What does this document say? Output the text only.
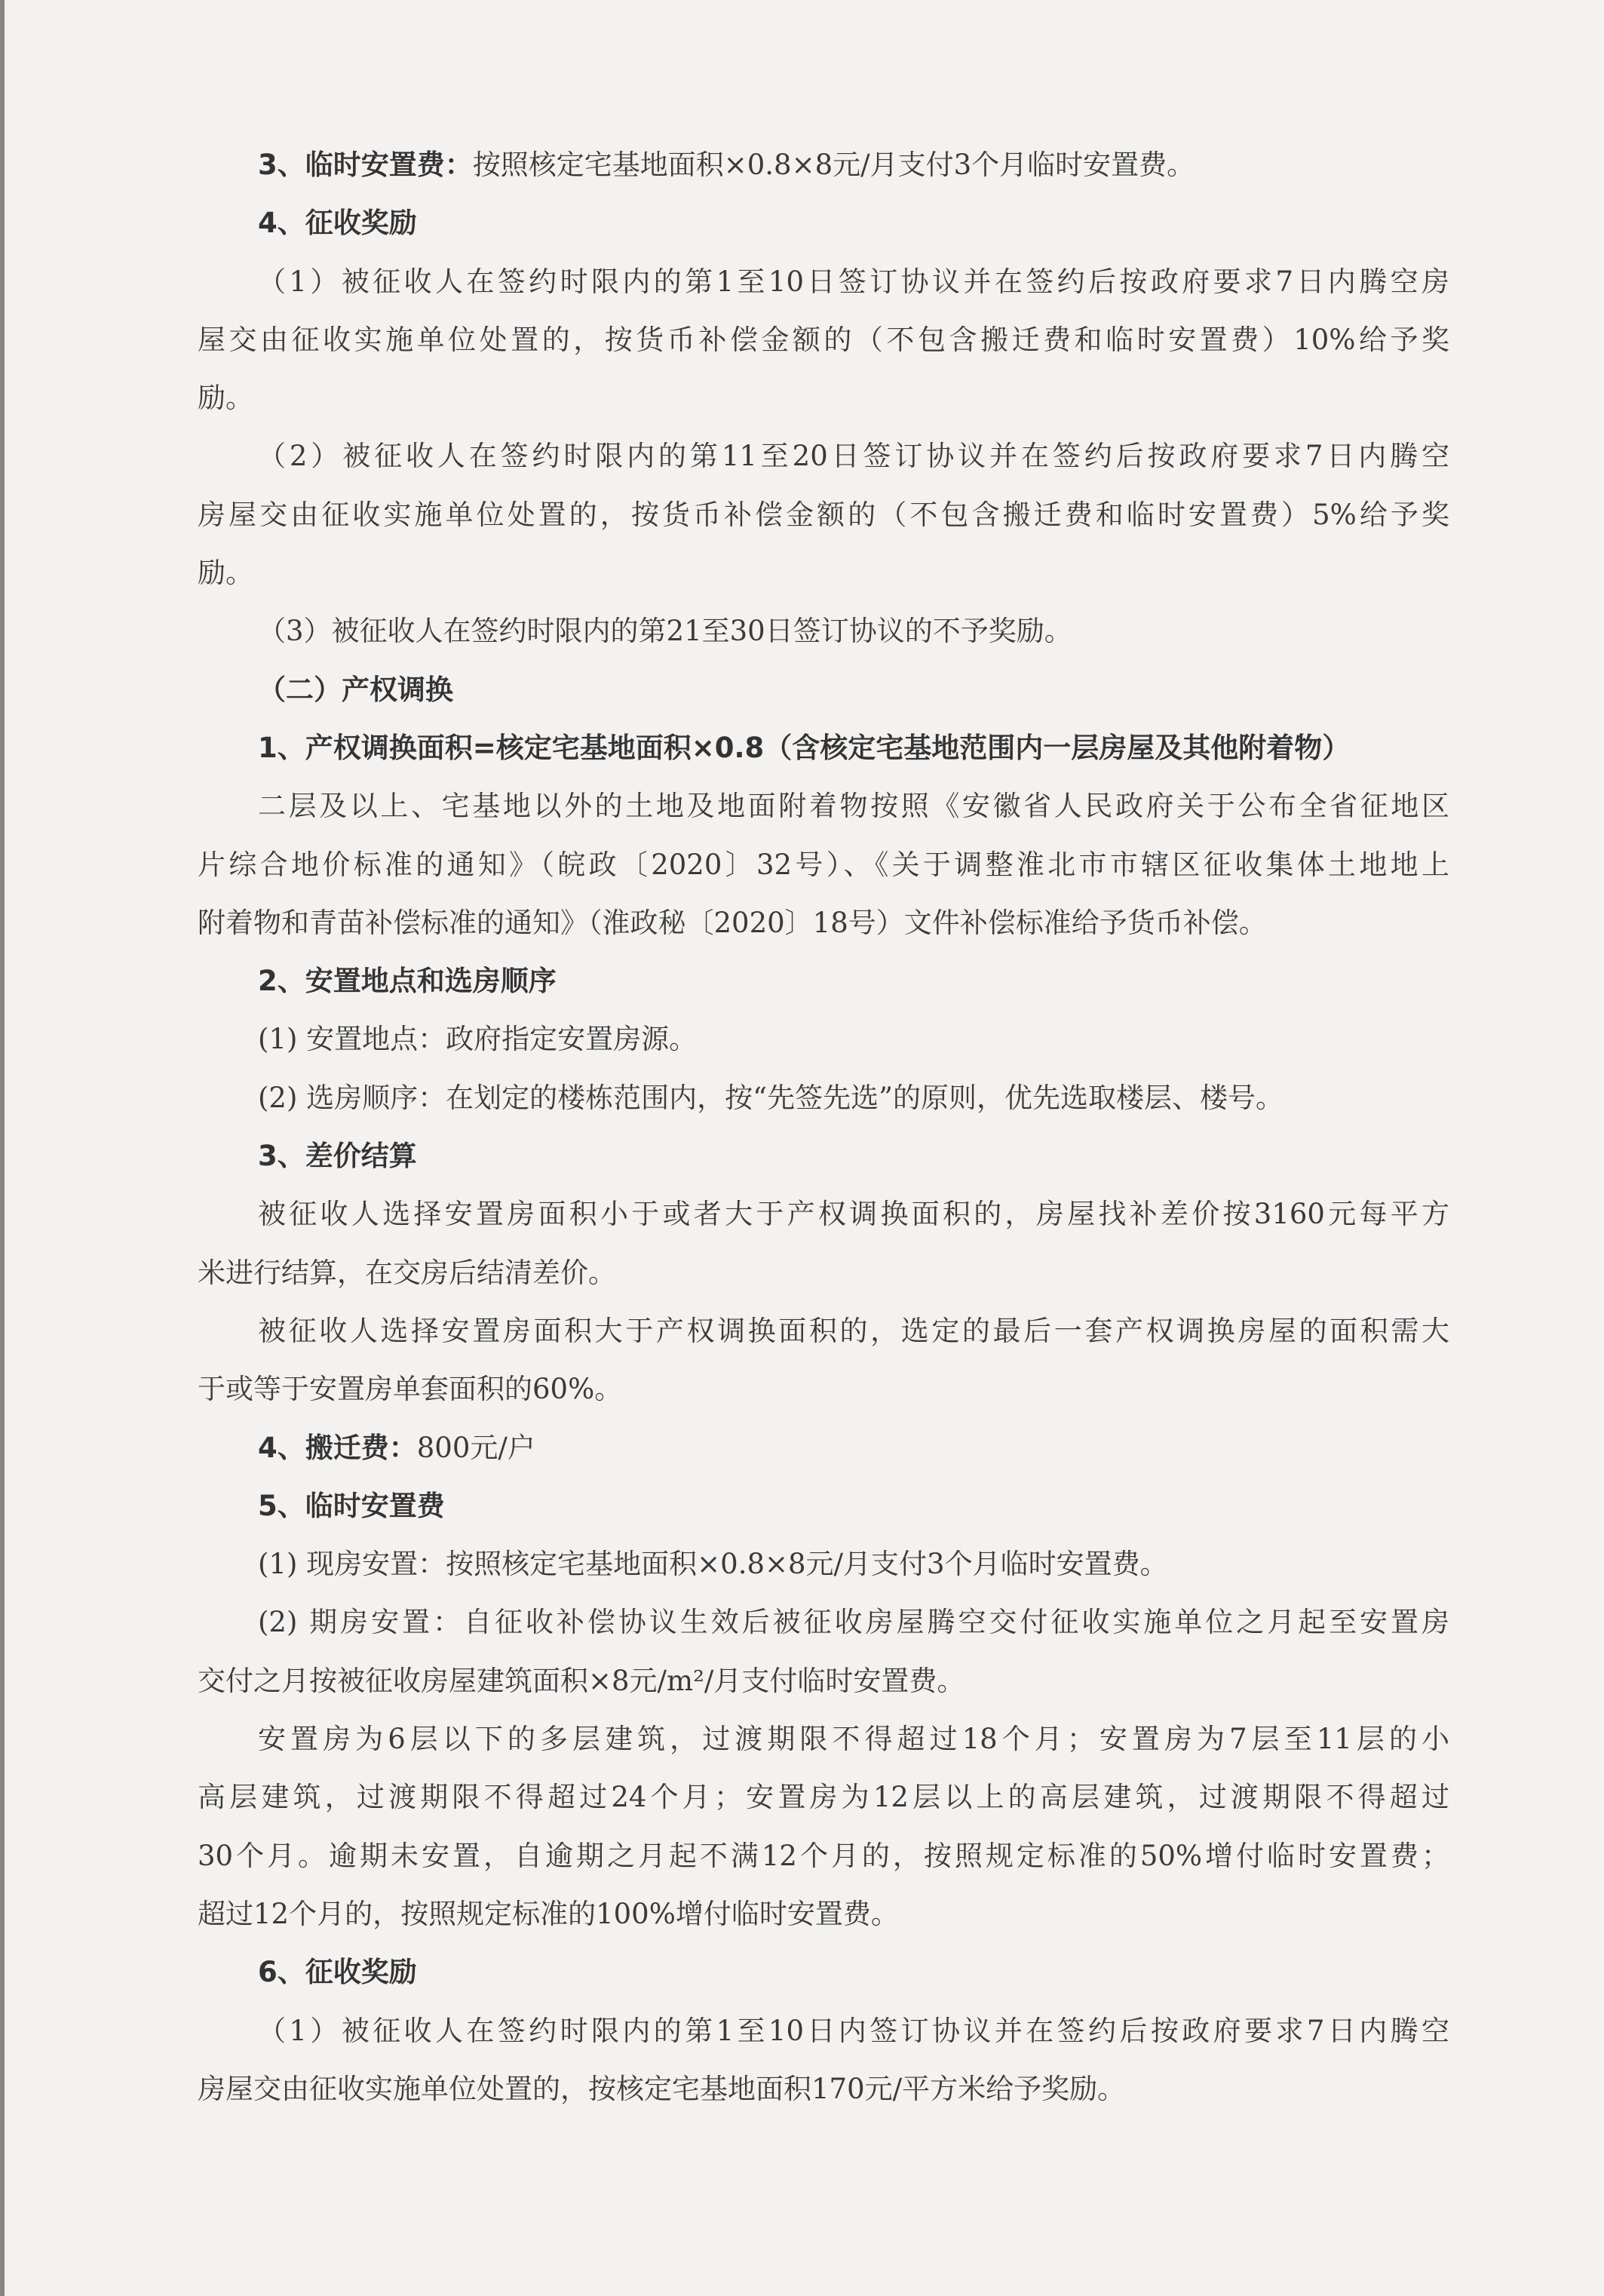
3、临时安置费：按照核定宅基地面积×0.8×8元/月支付3个月临时安置费。
4、征收奖励
（1）被征收人在签约时限内的第1至10日签订协议并在签约后按政府要求7日内腾空房
屋交由征收实施单位处置的，按货币补偿金额的（不包含搬迁费和临时安置费）10%给予奖
励。
（2）被征收人在签约时限内的第11至20日签订协议并在签约后按政府要求7日内腾空
房屋交由征收实施单位处置的，按货币补偿金额的（不包含搬迁费和临时安置费）5%给予奖
励。
（3）被征收人在签约时限内的第21至30日签订协议的不予奖励。
（二）产权调换
1、产权调换面积=核定宅基地面积×0.8（含核定宅基地范围内一层房屋及其他附着物）
二层及以上、宅基地以外的土地及地面附着物按照《安徽省人民政府关于公布全省征地区
片综合地价标准的通知》（皖政〔2020〕32号）、《关于调整淮北市市辖区征收集体土地地上
附着物和青苗补偿标准的通知》（淮政秘〔2020〕18号）文件补偿标准给予货币补偿。
2、安置地点和选房顺序
(1) 安置地点：政府指定安置房源。
(2) 选房顺序：在划定的楼栋范围内，按“先签先选”的原则，优先选取楼层、楼号。
3、差价结算
被征收人选择安置房面积小于或者大于产权调换面积的，房屋找补差价按3160元每平方
米进行结算，在交房后结清差价。
被征收人选择安置房面积大于产权调换面积的，选定的最后一套产权调换房屋的面积需大
于或等于安置房单套面积的60%。
4、搬迁费：800元/户
5、临时安置费
(1) 现房安置：按照核定宅基地面积×0.8×8元/月支付3个月临时安置费。
(2) 期房安置：自征收补偿协议生效后被征收房屋腾空交付征收实施单位之月起至安置房
交付之月按被征收房屋建筑面积×8元/m²/月支付临时安置费。
安置房为6层以下的多层建筑，过渡期限不得超过18个月；安置房为7层至11层的小
高层建筑，过渡期限不得超过24个月；安置房为12层以上的高层建筑，过渡期限不得超过
30个月。逾期未安置，自逾期之月起不满12个月的，按照规定标准的50%增付临时安置费；
超过12个月的，按照规定标准的100%增付临时安置费。
6、征收奖励
（1）被征收人在签约时限内的第1至10日内签订协议并在签约后按政府要求7日内腾空
房屋交由征收实施单位处置的，按核定宅基地面积170元/平方米给予奖励。
